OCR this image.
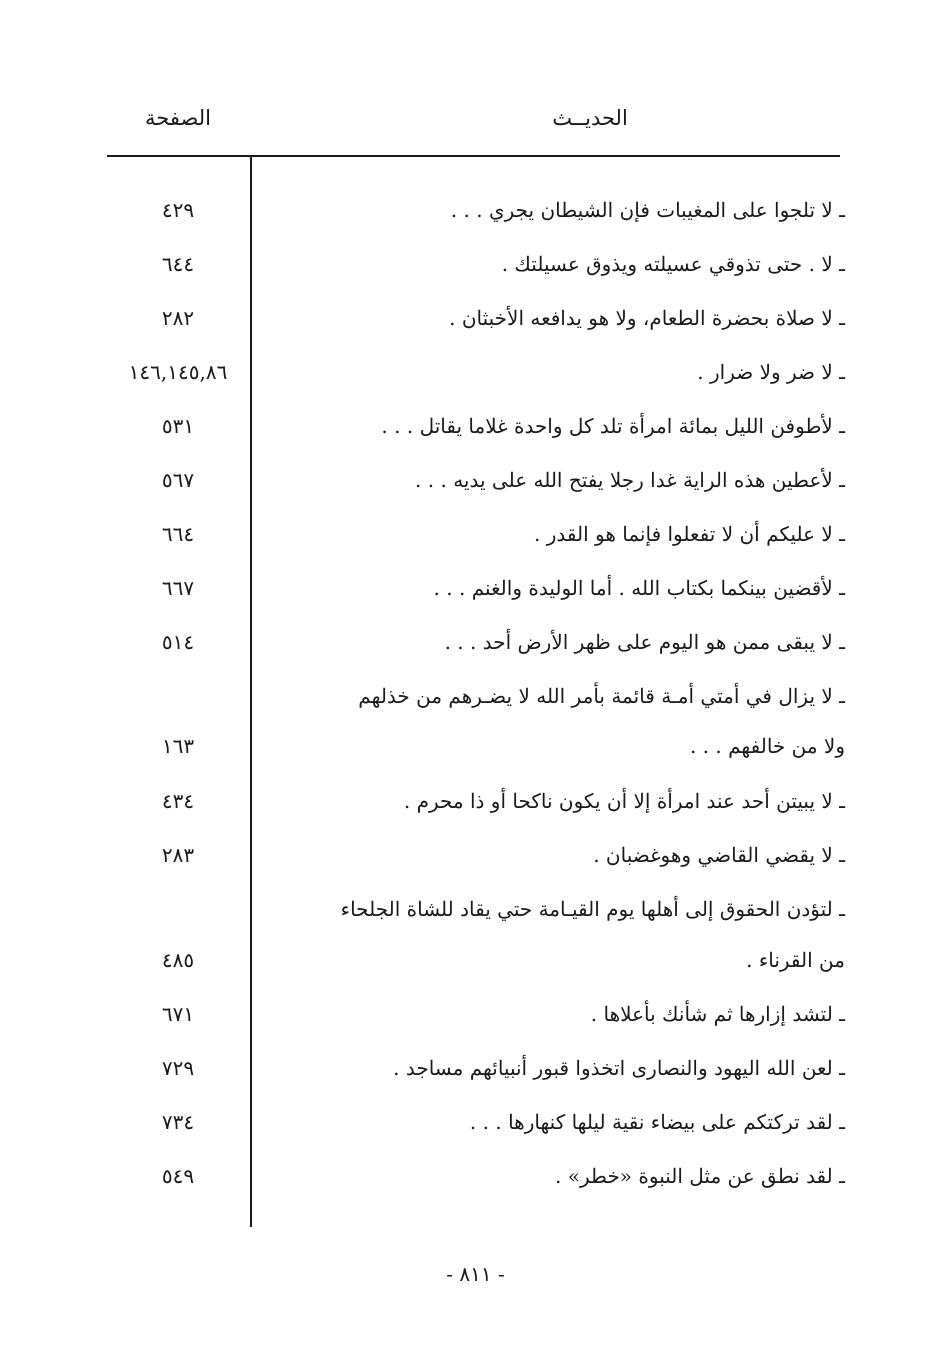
الحديــث
الصفحة
ـ لا تلجوا على المغيبات فإن الشيطان يجري . . .
٤٢٩
ـ لا . حتى تذوقي عسيلته ويذوق عسيلتك .
٦٤٤
ـ لا صلاة بحضرة الطعام، ولا هو يدافعه الأخبثان .
٢٨٢
ـ لا ضر ولا ضرار .
١٤٦,١٤٥,٨٦
ـ لأطوفن الليل بمائة امرأة تلد كل واحدة غلاما يقاتل . . .
٥٣١
ـ لأعطين هذه الراية غدا رجلا يفتح الله على يديه . . .
٥٦٧
ـ لا عليكم أن لا تفعلوا فإنما هو القدر .
٦٦٤
ـ لأقضين بينكما بكتاب الله . أما الوليدة والغنم . . .
٦٦٧
ـ لا يبقى ممن هو اليوم على ظهر الأرض أحد . . .
٥١٤
ـ لا يزال في أمتي أمـة قائمة بأمر الله لا يضـرهم من خذلهم
ولا من خالفهم . . .
١٦٣
ـ لا يبيتن أحد عند امرأة إلا أن يكون ناكحا أو ذا محرم .
٤٣٤
ـ لا يقضي القاضي وهوغضبان .
٢٨٣
ـ لتؤدن الحقوق إلى أهلها يوم القيـامة حتي يقاد للشاة الجلحاء
من القرناء .
٤٨٥
ـ لتشد إزارها ثم شأنك بأعلاها .
٦٧١
ـ لعن الله اليهود والنصارى اتخذوا قبور أنبيائهم مساجد .
٧٢٩
ـ لقد تركتكم على بيضاء نقية ليلها كنهارها . . .
٧٣٤
ـ لقد نطق عن مثل النبوة «خطر» .
٥٤٩
- ٨١١ -
